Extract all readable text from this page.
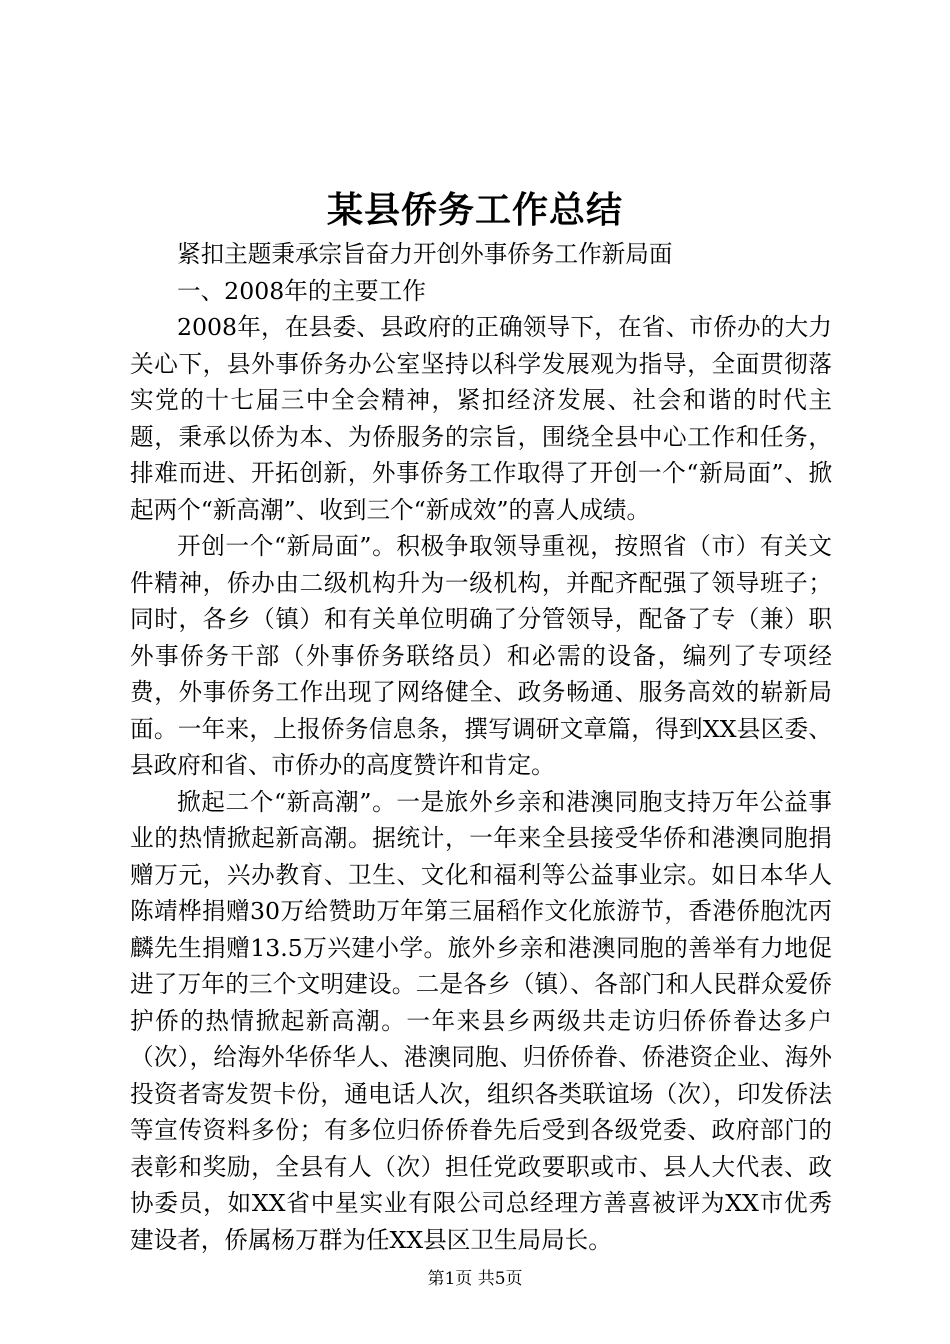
某县侨务工作总结

紧扣主题秉承宗旨奋力开创外事侨务工作新局面

一、2008年的主要工作

2008年，在县委、县政府的正确领导下，在省、市侨办的大力关心下，县外事侨务办公室坚持以科学发展观为指导，全面贯彻落实党的十七届三中全会精神，紧扣经济发展、社会和谐的时代主题，秉承以侨为本、为侨服务的宗旨，围绕全县中心工作和任务，排难而进、开拓创新，外事侨务工作取得了开创一个“新局面”、掀起两个“新高潮”、收到三个“新成效”的喜人成绩。

开创一个“新局面”。积极争取领导重视，按照省（市）有关文件精神，侨办由二级机构升为一级机构，并配齐配强了领导班子；同时，各乡（镇）和有关单位明确了分管领导，配备了专（兼）职外事侨务干部（外事侨务联络员）和必需的设备，编列了专项经费，外事侨务工作出现了网络健全、政务畅通、服务高效的崭新局面。一年来，上报侨务信息条，撰写调研文章篇，得到XX县区委、县政府和省、市侨办的高度赞许和肯定。

掀起二个“新高潮”。一是旅外乡亲和港澳同胞支持万年公益事业的热情掀起新高潮。据统计，一年来全县接受华侨和港澳同胞捐赠万元，兴办教育、卫生、文化和福利等公益事业宗。如日本华人陈靖桦捐赠30万给赞助万年第三届稻作文化旅游节，香港侨胞沈丙麟先生捐赠13.5万兴建小学。旅外乡亲和港澳同胞的善举有力地促进了万年的三个文明建设。二是各乡（镇）、各部门和人民群众爱侨护侨的热情掀起新高潮。一年来县乡两级共走访归侨侨眷达多户（次），给海外华侨华人、港澳同胞、归侨侨眷、侨港资企业、海外投资者寄发贺卡份，通电话人次，组织各类联谊场（次），印发侨法等宣传资料多份；有多位归侨侨眷先后受到各级党委、政府部门的表彰和奖励，全县有人（次）担任党政要职或市、县人大代表、政协委员，如XX省中星实业有限公司总经理方善喜被评为XX市优秀建设者，侨属杨万群为任XX县区卫生局局长。

第1页 共5页
